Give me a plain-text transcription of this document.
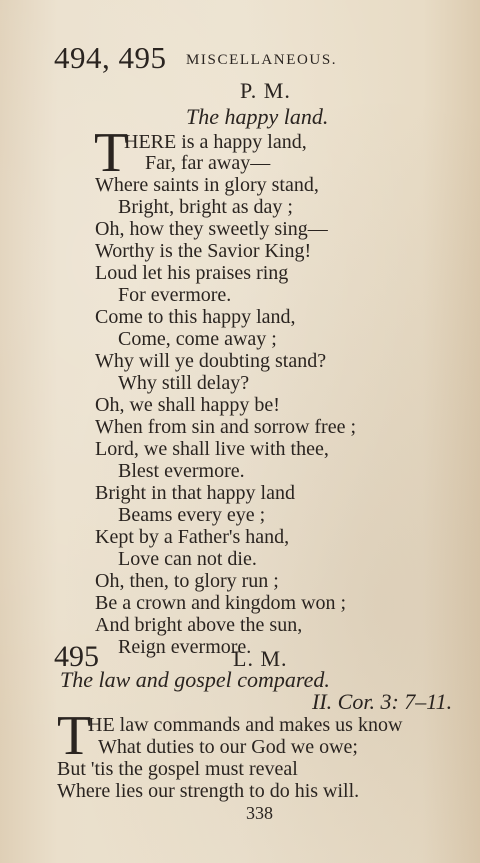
494, 495 MISCELLANEOUS.
P. M.
The happy land.
T
HERE is a happy land,
Far, far away—
Where saints in glory stand,
Bright, bright as day ;
Oh, how they sweetly sing—
Worthy is the Savior King!
Loud let his praises ring
For evermore.
Come to this happy land,
Come, come away ;
Why will ye doubting stand?
Why still delay?
Oh, we shall happy be!
When from sin and sorrow free ;
Lord, we shall live with thee,
Blest evermore.
Bright in that happy land
Beams every eye ;
Kept by a Father's hand,
Love can not die.
Oh, then, to glory run ;
Be a crown and kingdom won ;
And bright above the sun,
Reign evermore.
495	L. M.
The law and gospel compared.
II. Cor. 3: 7–11.
T
HE law commands and makes us know
What duties to our God we owe;
But 'tis the gospel must reveal
Where lies our strength to do his will.
338
